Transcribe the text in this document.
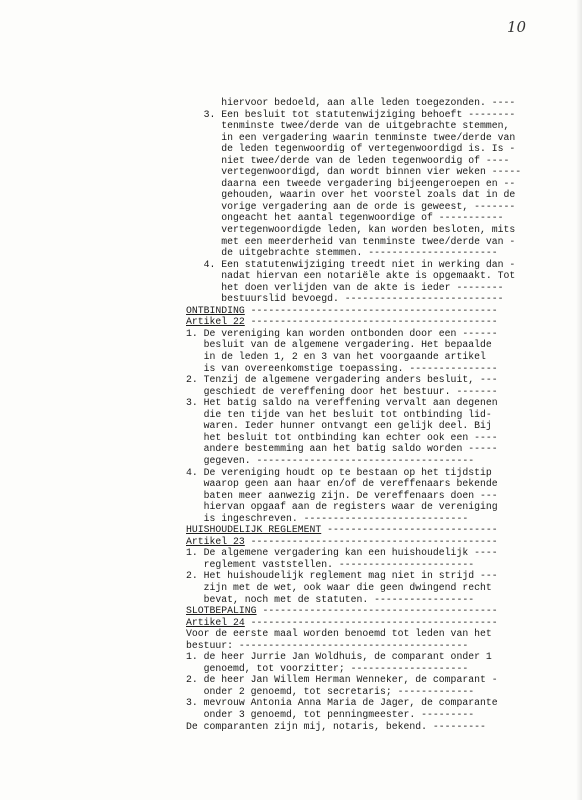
10
hiervoor bedoeld, aan alle leden toegezonden. ----
3. Een besluit tot statutenwijziging behoeft --------
tenminste twee/derde van de uitgebrachte stemmen,
in een vergadering waarin tenminste twee/derde van
de leden tegenwoordig of vertegenwoordigd is. Is -
niet twee/derde van de leden tegenwoordig of ----
vertegenwoordigd, dan wordt binnen vier weken -----
daarna een tweede vergadering bijeengeroepen en --
gehouden, waarin over het voorstel zoals dat in de
vorige vergadering aan de orde is geweest, -------
ongeacht het aantal tegenwoordige of -----------
vertegenwoordigde leden, kan worden besloten, mits
met een meerderheid van tenminste twee/derde van -
de uitgebrachte stemmen. ----------------------
4. Een statutenwijziging treedt niet in werking dan -
nadat hiervan een notariële akte is opgemaakt. Tot
het doen verlijden van de akte is ieder --------
bestuurslid bevoegd. ---------------------------
ONTBINDING ------------------------------------------
Artikel 22 ------------------------------------------
1. De vereniging kan worden ontbonden door een ------
besluit van de algemene vergadering. Het bepaalde
in de leden 1, 2 en 3 van het voorgaande artikel
is van overeenkomstige toepassing. ---------------
2. Tenzij de algemene vergadering anders besluit, ---
geschiedt de vereffening door het bestuur. -------
3. Het batig saldo na vereffening vervalt aan degenen
die ten tijde van het besluit tot ontbinding lid-
waren. Ieder hunner ontvangt een gelijk deel. Bij
het besluit tot ontbinding kan echter ook een ----
andere bestemming aan het batig saldo worden -----
gegeven. -------------------------------------
4. De vereniging houdt op te bestaan op het tijdstip
waarop geen aan haar en/of de vereffenaars bekende
baten meer aanwezig zijn. De vereffenaars doen ---
hiervan opgaaf aan de registers waar de vereniging
is ingeschreven. ----------------------------
HUISHOUDELIJK REGLEMENT -----------------------------
Artikel 23 ------------------------------------------
1. De algemene vergadering kan een huishoudelijk ----
reglement vaststellen. -----------------------
2. Het huishoudelijk reglement mag niet in strijd ---
zijn met de wet, ook waar die geen dwingend recht
bevat, noch met de statuten. -----------------
SLOTBEPALING ----------------------------------------
Artikel 24 ------------------------------------------
Voor de eerste maal worden benoemd tot leden van het
bestuur: ---------------------------------------
1. de heer Jurrie Jan Woldhuis, de comparant onder 1
genoemd, tot voorzitter; --------------------
2. de heer Jan Willem Herman Wenneker, de comparant -
onder 2 genoemd, tot secretaris; -------------
3. mevrouw Antonia Anna Maria de Jager, de comparante
onder 3 genoemd, tot penningmeester. ---------
De comparanten zijn mij, notaris, bekend. ---------
